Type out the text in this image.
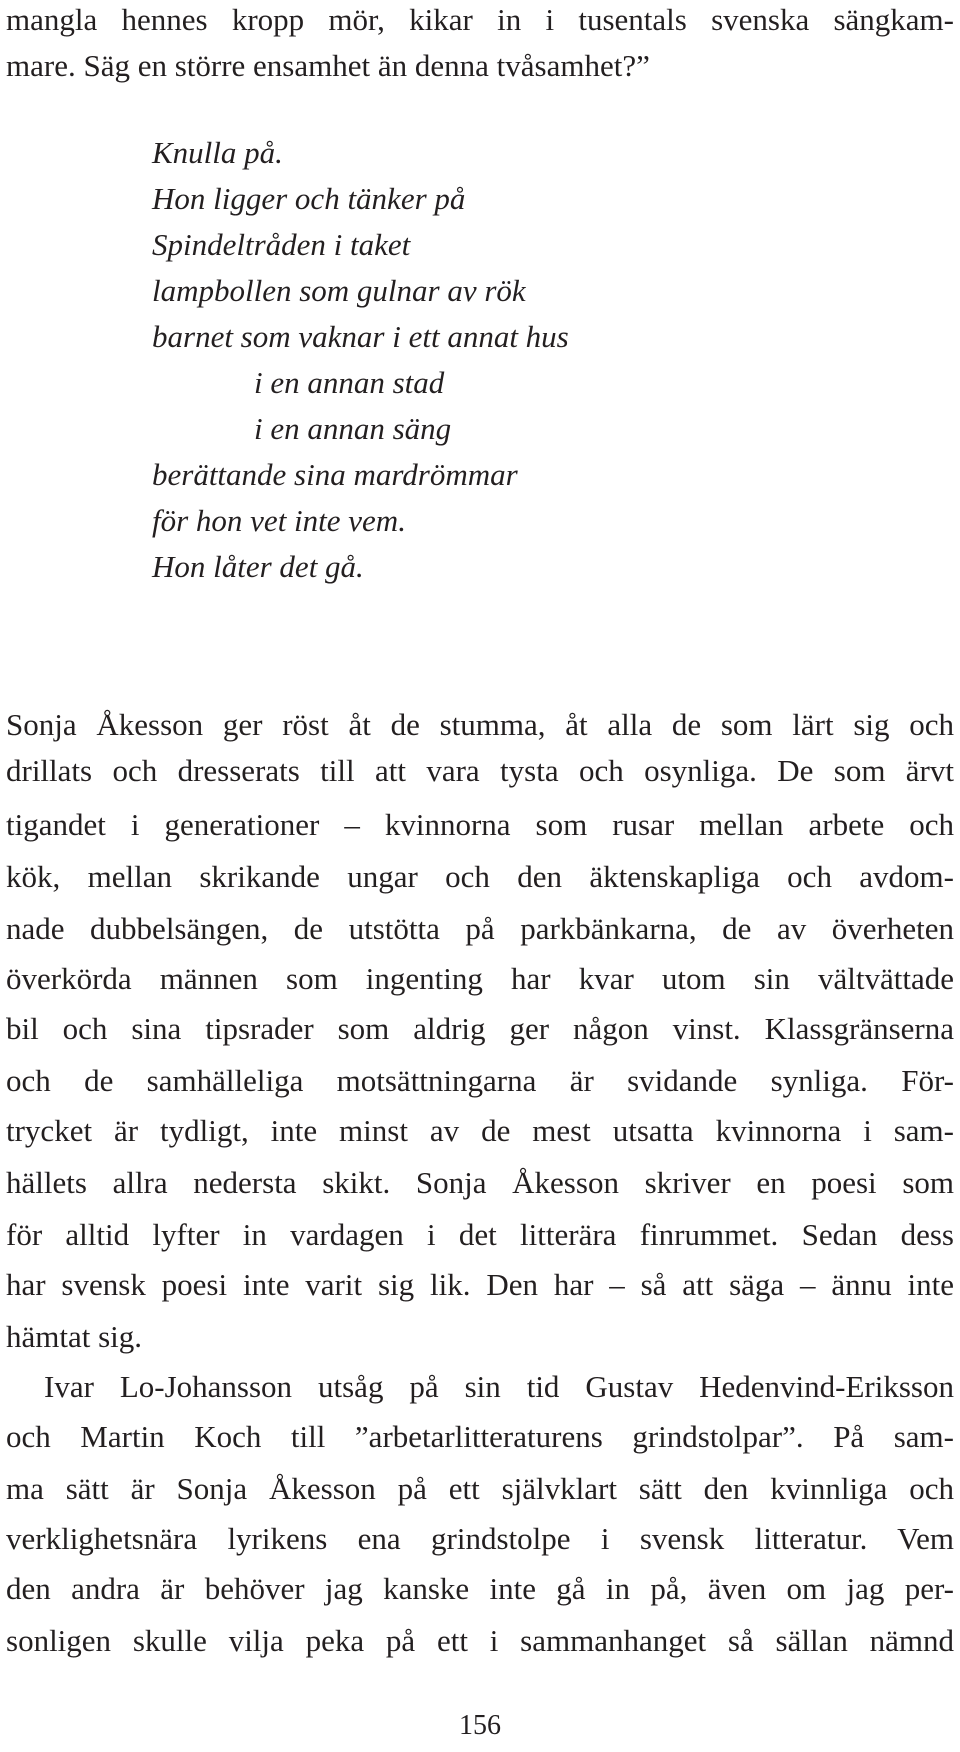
mangla hennes kropp mör, kikar in i tusentals svenska sängkam-
mare. Säg en större ensamhet än denna tvåsamhet?”
Knulla på.
Hon ligger och tänker på
Spindeltråden i taket
lampbollen som gulnar av rök
barnet som vaknar i ett annat hus
i en annan stad
i en annan säng
berättande sina mardrömmar
för hon vet inte vem.
Hon låter det gå.
Sonja Åkesson ger röst åt de stumma, åt alla de som lärt sig och
drillats och dresserats till att vara tysta och osynliga. De som ärvt
tigandet i generationer – kvinnorna som rusar mellan arbete och
kök, mellan skrikande ungar och den äktenskapliga och avdom-
nade dubbelsängen, de utstötta på parkbänkarna, de av överheten
överkörda männen som ingenting har kvar utom sin vältvättade
bil och sina tipsrader som aldrig ger någon vinst. Klassgränserna
och de samhälleliga motsättningarna är svidande synliga. För-
trycket är tydligt, inte minst av de mest utsatta kvinnorna i sam-
hällets allra nedersta skikt. Sonja Åkesson skriver en poesi som
för alltid lyfter in vardagen i det litterära finrummet. Sedan dess
har svensk poesi inte varit sig lik. Den har – så att säga – ännu inte
hämtat sig.
Ivar Lo-Johansson utsåg på sin tid Gustav Hedenvind-Eriksson
och Martin Koch till ”arbetarlitteraturens grindstolpar”. På sam-
ma sätt är Sonja Åkesson på ett självklart sätt den kvinnliga och
verklighetsnära lyrikens ena grindstolpe i svensk litteratur. Vem
den andra är behöver jag kanske inte gå in på, även om jag per-
sonligen skulle vilja peka på ett i sammanhanget så sällan nämnd
156
